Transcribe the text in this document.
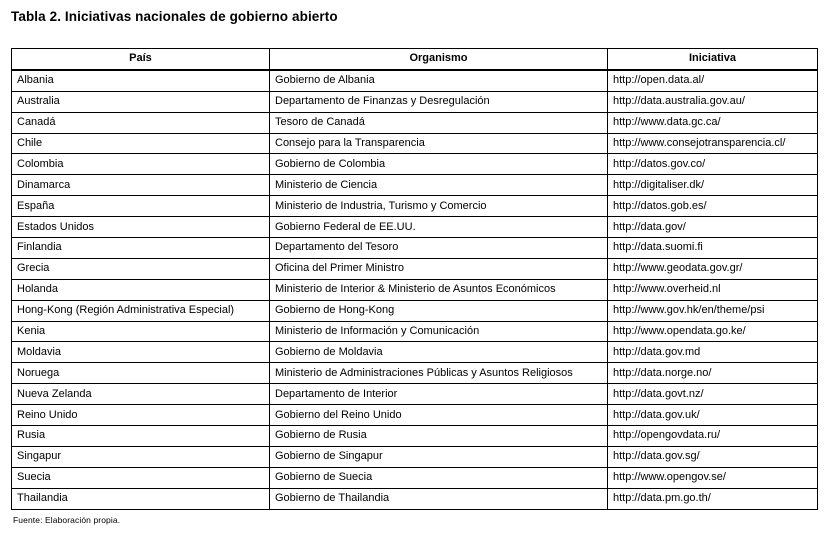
Tabla 2. Iniciativas nacionales de gobierno abierto
País	Organismo	Iniciativa
Albania	Gobierno de Albania	http://open.data.al/
Australia	Departamento de Finanzas y Desregulación	http://data.australia.gov.au/
Canadá	Tesoro de Canadá	http://www.data.gc.ca/
Chile	Consejo para la Transparencia	http://www.consejotransparencia.cl/
Colombia	Gobierno de Colombia	http://datos.gov.co/
Dinamarca	Ministerio de Ciencia	http://digitaliser.dk/
España	Ministerio de Industria, Turismo y Comercio	http://datos.gob.es/
Estados Unidos	Gobierno Federal de EE.UU.	http://data.gov/
Finlandia	Departamento del Tesoro	http://data.suomi.fi
Grecia	Oficina del Primer Ministro	http://www.geodata.gov.gr/
Holanda	Ministerio de Interior & Ministerio de Asuntos Económicos	http://www.overheid.nl
Hong-Kong (Región Administrativa Especial)	Gobierno de Hong-Kong	http://www.gov.hk/en/theme/psi
Kenia	Ministerio de Información y Comunicación	http://www.opendata.go.ke/
Moldavia	Gobierno de Moldavia	http://data.gov.md
Noruega	Ministerio de Administraciones Públicas y Asuntos Religiosos	http://data.norge.no/
Nueva Zelanda	Departamento de Interior	http://data.govt.nz/
Reino Unido	Gobierno del Reino Unido	http://data.gov.uk/
Rusia	Gobierno de Rusia	http://opengovdata.ru/
Singapur	Gobierno de Singapur	http://data.gov.sg/
Suecia	Gobierno de Suecia	http://www.opengov.se/
Thailandia	Gobierno de Thailandia	http://data.pm.go.th/
Fuente: Elaboración propia.
